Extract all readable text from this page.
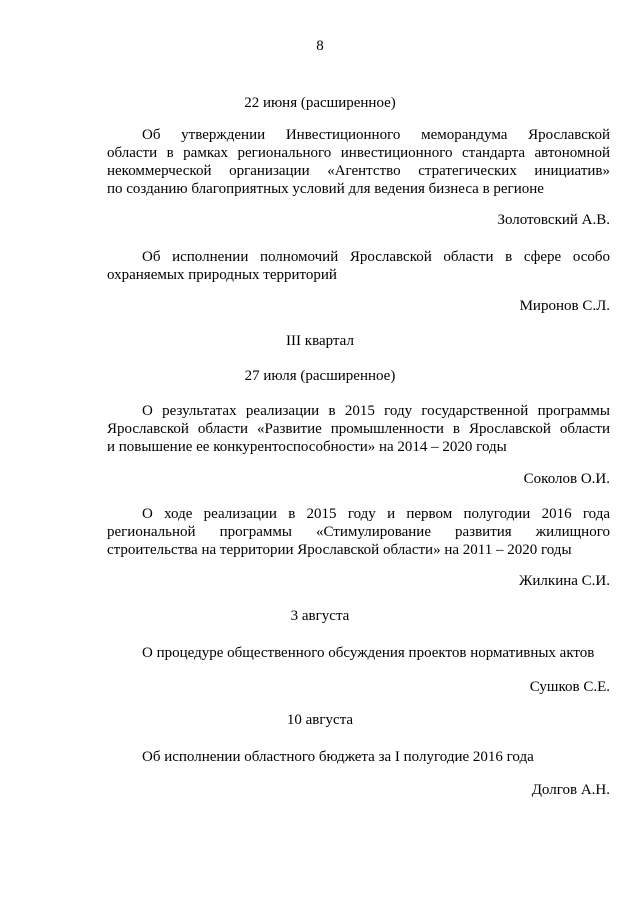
8

22 июня (расширенное)

Об утверждении Инвестиционного меморандума Ярославской
области в рамках регионального инвестиционного стандарта автономной
некоммерческой организации «Агентство стратегических инициатив»
по созданию благоприятных условий для ведения бизнеса в регионе

Золотовский А.В.

Об исполнении полномочий Ярославской области в сфере особо
охраняемых природных территорий

Миронов С.Л.

III квартал

27 июля (расширенное)

О результатах реализации в 2015 году государственной программы
Ярославской области «Развитие промышленности в Ярославской области
и повышение ее конкурентоспособности» на 2014 – 2020 годы

Соколов О.И.

О ходе реализации в 2015 году и первом полугодии 2016 года
региональной программы «Стимулирование развития жилищного
строительства на территории Ярославской области» на 2011 – 2020 годы

Жилкина С.И.

3 августа

О процедуре общественного обсуждения проектов нормативных актов

Сушков С.Е.

10 августа

Об исполнении областного бюджета за I полугодие 2016 года

Долгов А.Н.
